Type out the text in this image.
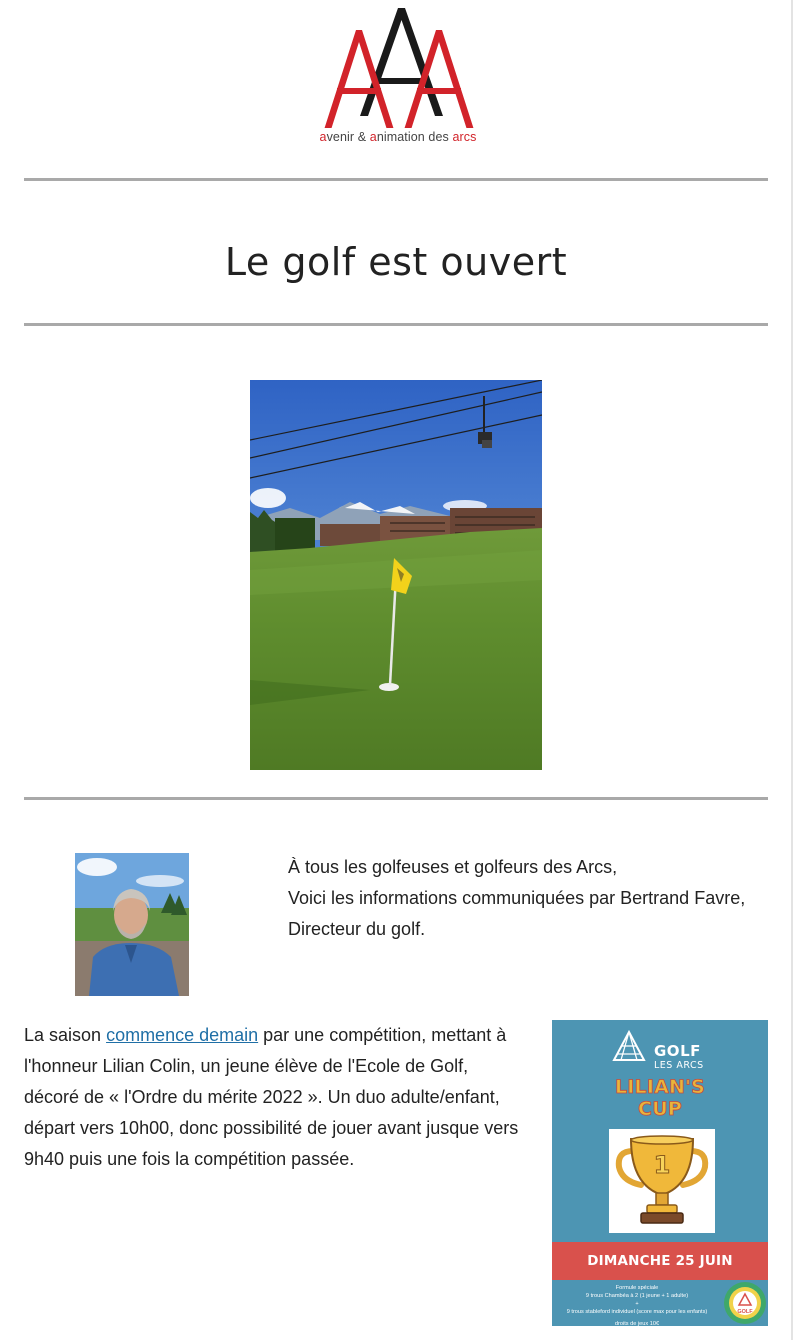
avenir & animation des arcs
Le golf est ouvert

À tous les golfeuses et golfeurs des Arcs,

Voici les informations communiquées par Bertrand Favre, Directeur du golf.

La saison commence demain par une compétition, mettant à l'honneur Lilian Colin, un jeune élève de l'Ecole de Golf, décoré de « l'Ordre du mérite 2022 ». Un duo adulte/enfant, départ vers 10h00, donc possibilité de jouer avant jusque vers 9h40 puis une fois la compétition passée.

GOLF
LES ARCS
LILIAN'S
CUP
1
DIMANCHE 25 JUIN

Formule spéciale

9 trous Chambéa à 2 (1 jeune + 1 adulte)

+

9 trous stableford individuel (score max pour les enfants)

droits de jeux 10€

GOLF
